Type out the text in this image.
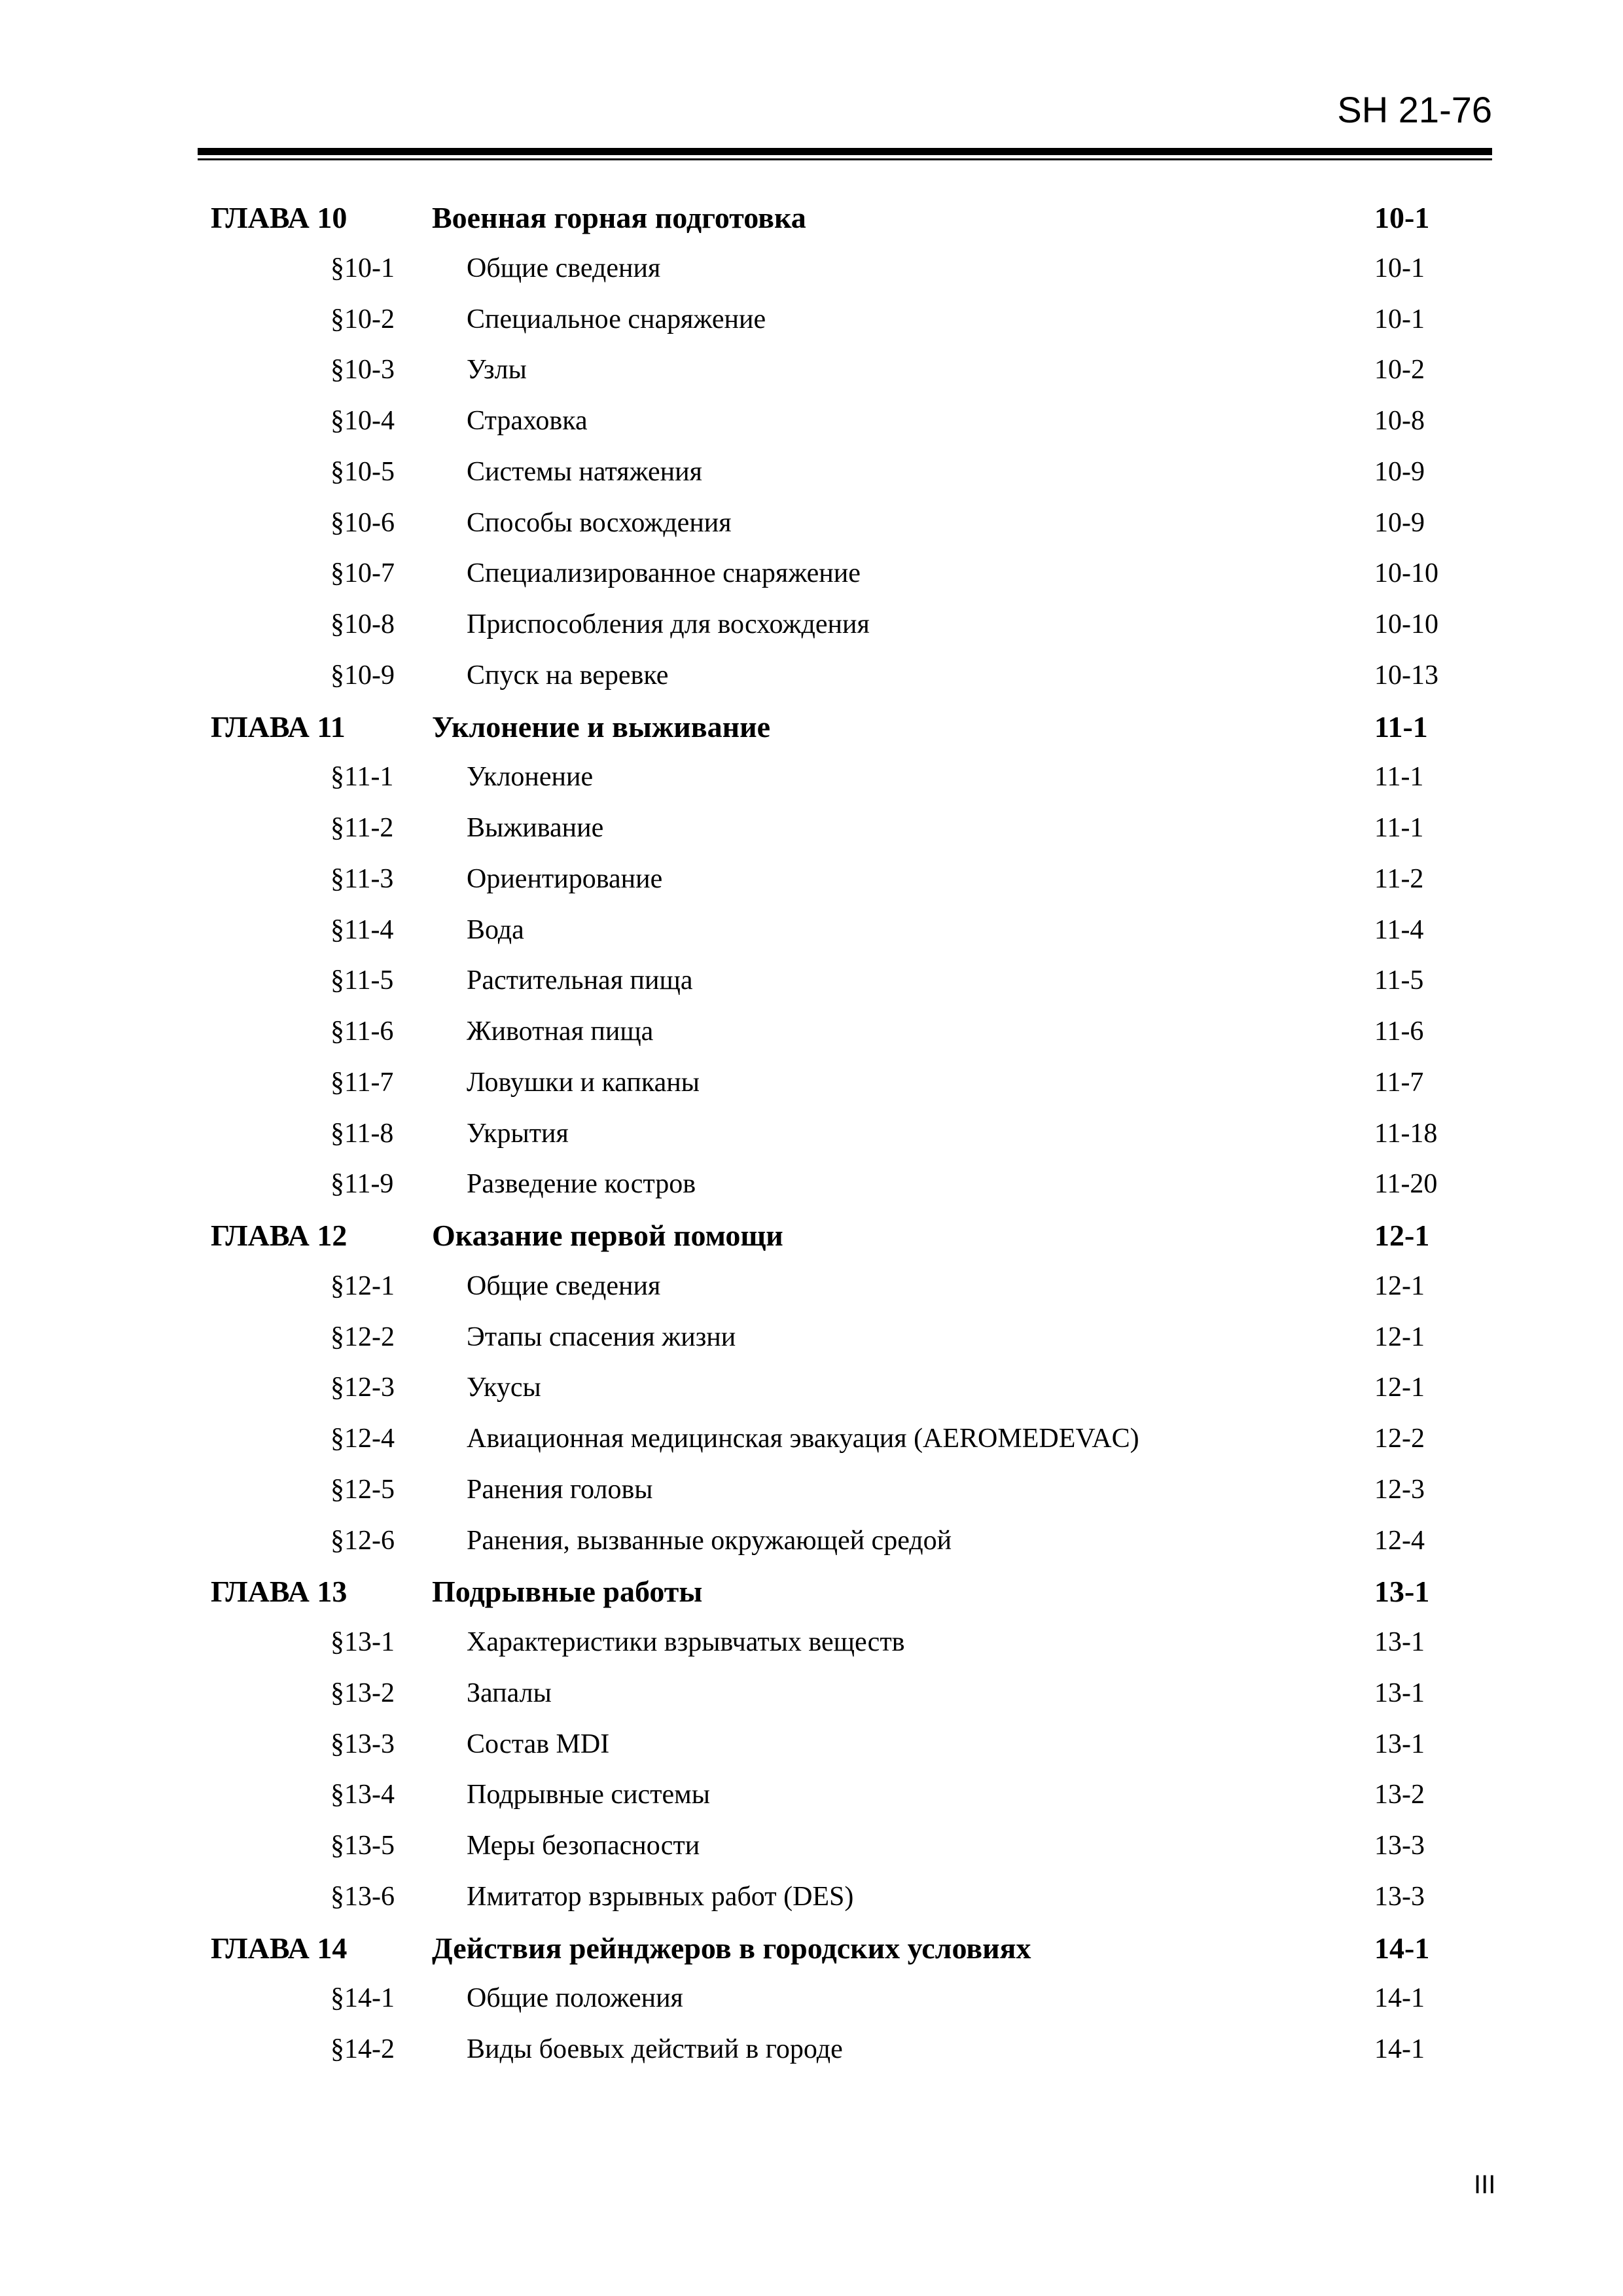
SH 21-76
ГЛАВА 10	Военная горная подготовка	10-1
§10-1	Общие сведения	10-1
§10-2	Специальное снаряжение	10-1
§10-3	Узлы	10-2
§10-4	Страховка	10-8
§10-5	Системы натяжения	10-9
§10-6	Способы восхождения	10-9
§10-7	Специализированное снаряжение	10-10
§10-8	Приспособления для восхождения	10-10
§10-9	Спуск на веревке	10-13
ГЛАВА 11	Уклонение и выживание	11-1
§11-1	Уклонение	11-1
§11-2	Выживание	11-1
§11-3	Ориентирование	11-2
§11-4	Вода	11-4
§11-5	Растительная пища	11-5
§11-6	Животная пища	11-6
§11-7	Ловушки и капканы	11-7
§11-8	Укрытия	11-18
§11-9	Разведение костров	11-20
ГЛАВА 12	Оказание первой помощи	12-1
§12-1	Общие сведения	12-1
§12-2	Этапы спасения жизни	12-1
§12-3	Укусы	12-1
§12-4	Авиационная медицинская эвакуация (AEROMEDEVAC)	12-2
§12-5	Ранения головы	12-3
§12-6	Ранения, вызванные окружающей средой	12-4
ГЛАВА 13	Подрывные работы	13-1
§13-1	Характеристики взрывчатых веществ	13-1
§13-2	Запалы	13-1
§13-3	Состав MDI	13-1
§13-4	Подрывные системы	13-2
§13-5	Меры безопасности	13-3
§13-6	Имитатор взрывных работ (DES)	13-3
ГЛАВА 14	Действия рейнджеров в городских условиях	14-1
§14-1	Общие положения	14-1
§14-2	Виды боевых действий в городе	14-1
III
